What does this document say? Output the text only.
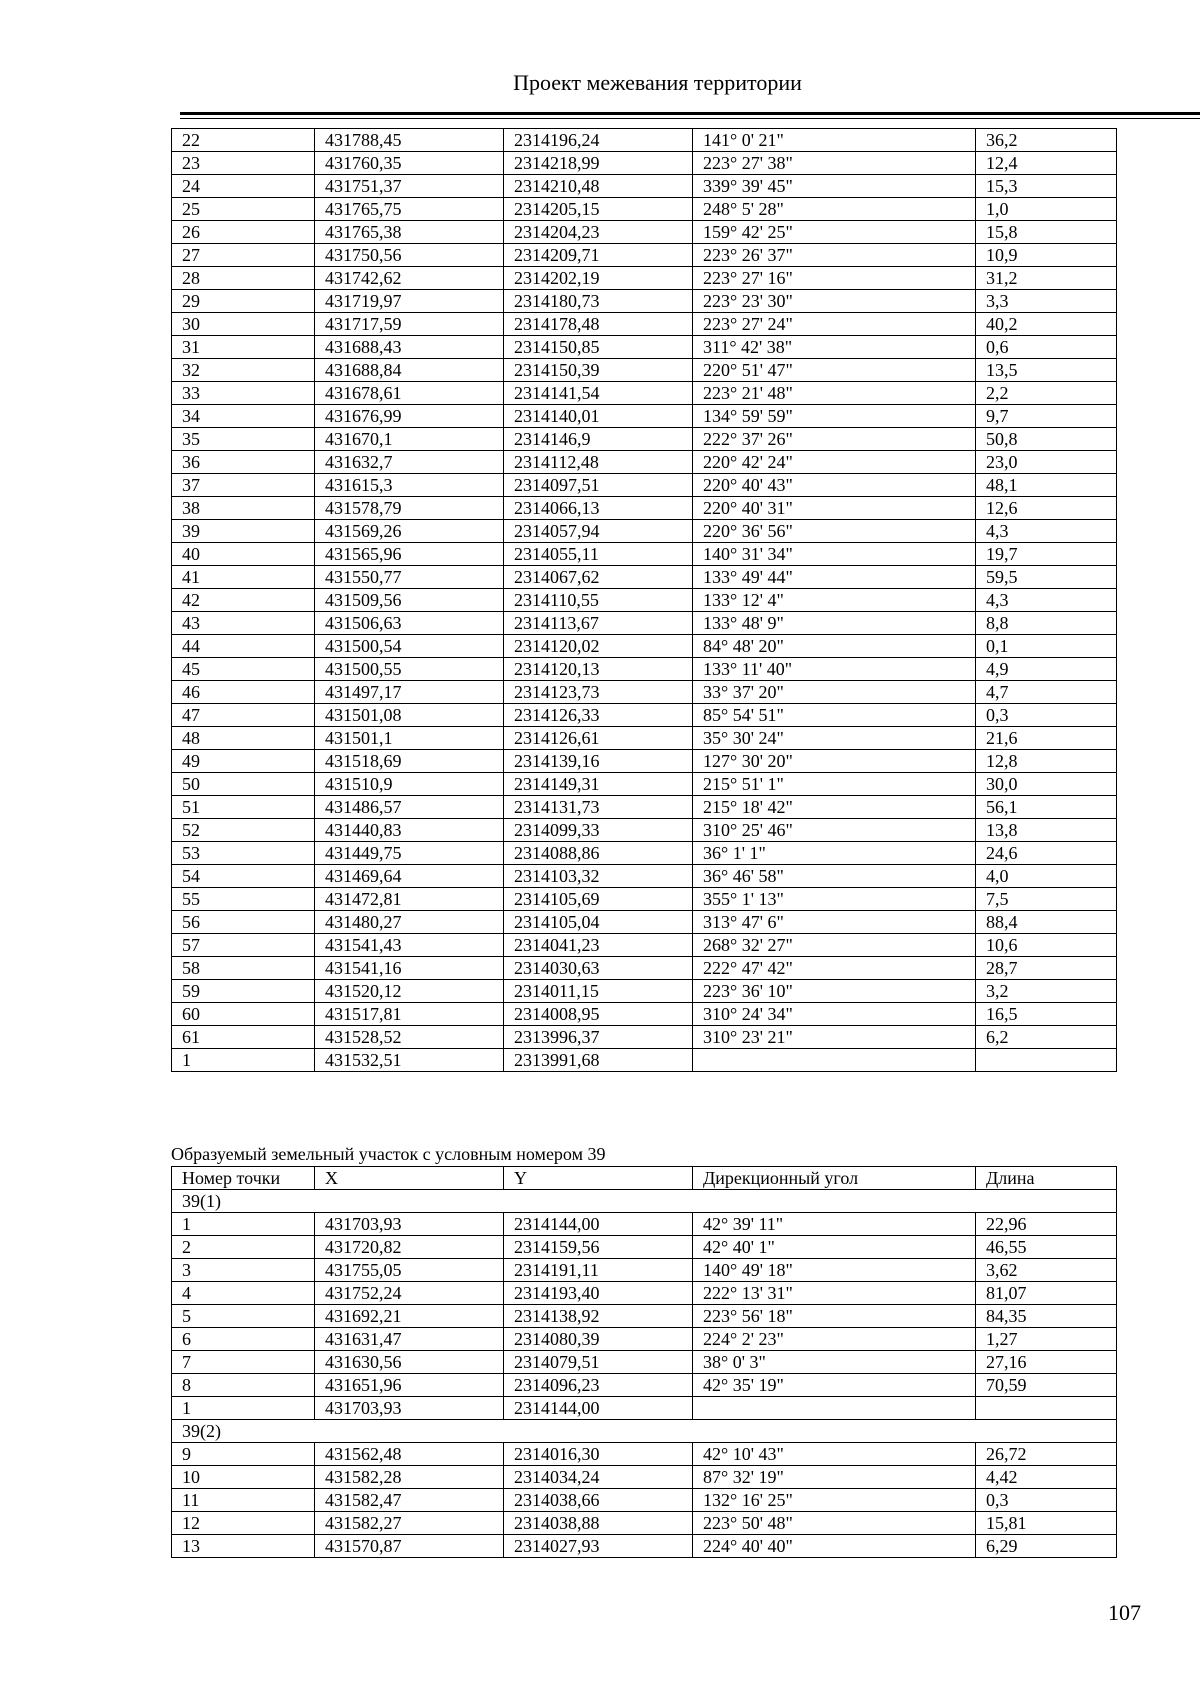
Проект межевания территории
22	431788,45	2314196,24	141° 0' 21"	36,2
23	431760,35	2314218,99	223° 27' 38"	12,4
24	431751,37	2314210,48	339° 39' 45"	15,3
25	431765,75	2314205,15	248° 5' 28"	1,0
26	431765,38	2314204,23	159° 42' 25"	15,8
27	431750,56	2314209,71	223° 26' 37"	10,9
28	431742,62	2314202,19	223° 27' 16"	31,2
29	431719,97	2314180,73	223° 23' 30"	3,3
30	431717,59	2314178,48	223° 27' 24"	40,2
31	431688,43	2314150,85	311° 42' 38"	0,6
32	431688,84	2314150,39	220° 51' 47"	13,5
33	431678,61	2314141,54	223° 21' 48"	2,2
34	431676,99	2314140,01	134° 59' 59"	9,7
35	431670,1	2314146,9	222° 37' 26"	50,8
36	431632,7	2314112,48	220° 42' 24"	23,0
37	431615,3	2314097,51	220° 40' 43"	48,1
38	431578,79	2314066,13	220° 40' 31"	12,6
39	431569,26	2314057,94	220° 36' 56"	4,3
40	431565,96	2314055,11	140° 31' 34"	19,7
41	431550,77	2314067,62	133° 49' 44"	59,5
42	431509,56	2314110,55	133° 12' 4"	4,3
43	431506,63	2314113,67	133° 48' 9"	8,8
44	431500,54	2314120,02	84° 48' 20"	0,1
45	431500,55	2314120,13	133° 11' 40"	4,9
46	431497,17	2314123,73	33° 37' 20"	4,7
47	431501,08	2314126,33	85° 54' 51"	0,3
48	431501,1	2314126,61	35° 30' 24"	21,6
49	431518,69	2314139,16	127° 30' 20"	12,8
50	431510,9	2314149,31	215° 51' 1"	30,0
51	431486,57	2314131,73	215° 18' 42"	56,1
52	431440,83	2314099,33	310° 25' 46"	13,8
53	431449,75	2314088,86	36° 1' 1"	24,6
54	431469,64	2314103,32	36° 46' 58"	4,0
55	431472,81	2314105,69	355° 1' 13"	7,5
56	431480,27	2314105,04	313° 47' 6"	88,4
57	431541,43	2314041,23	268° 32' 27"	10,6
58	431541,16	2314030,63	222° 47' 42"	28,7
59	431520,12	2314011,15	223° 36' 10"	3,2
60	431517,81	2314008,95	310° 24' 34"	16,5
61	431528,52	2313996,37	310° 23' 21"	6,2
1	431532,51	2313991,68		
Образуемый земельный участок с условным номером 39
Номер точки	X	Y	Дирекционный угол	Длина
39(1)				
1	431703,93	2314144,00	42° 39' 11"	22,96
2	431720,82	2314159,56	42° 40' 1"	46,55
3	431755,05	2314191,11	140° 49' 18"	3,62
4	431752,24	2314193,40	222° 13' 31"	81,07
5	431692,21	2314138,92	223° 56' 18"	84,35
6	431631,47	2314080,39	224° 2' 23"	1,27
7	431630,56	2314079,51	38° 0' 3"	27,16
8	431651,96	2314096,23	42° 35' 19"	70,59
1	431703,93	2314144,00		
39(2)				
9	431562,48	2314016,30	42° 10' 43"	26,72
10	431582,28	2314034,24	87° 32' 19"	4,42
11	431582,47	2314038,66	132° 16' 25"	0,3
12	431582,27	2314038,88	223° 50' 48"	15,81
13	431570,87	2314027,93	224° 40' 40"	6,29
107
